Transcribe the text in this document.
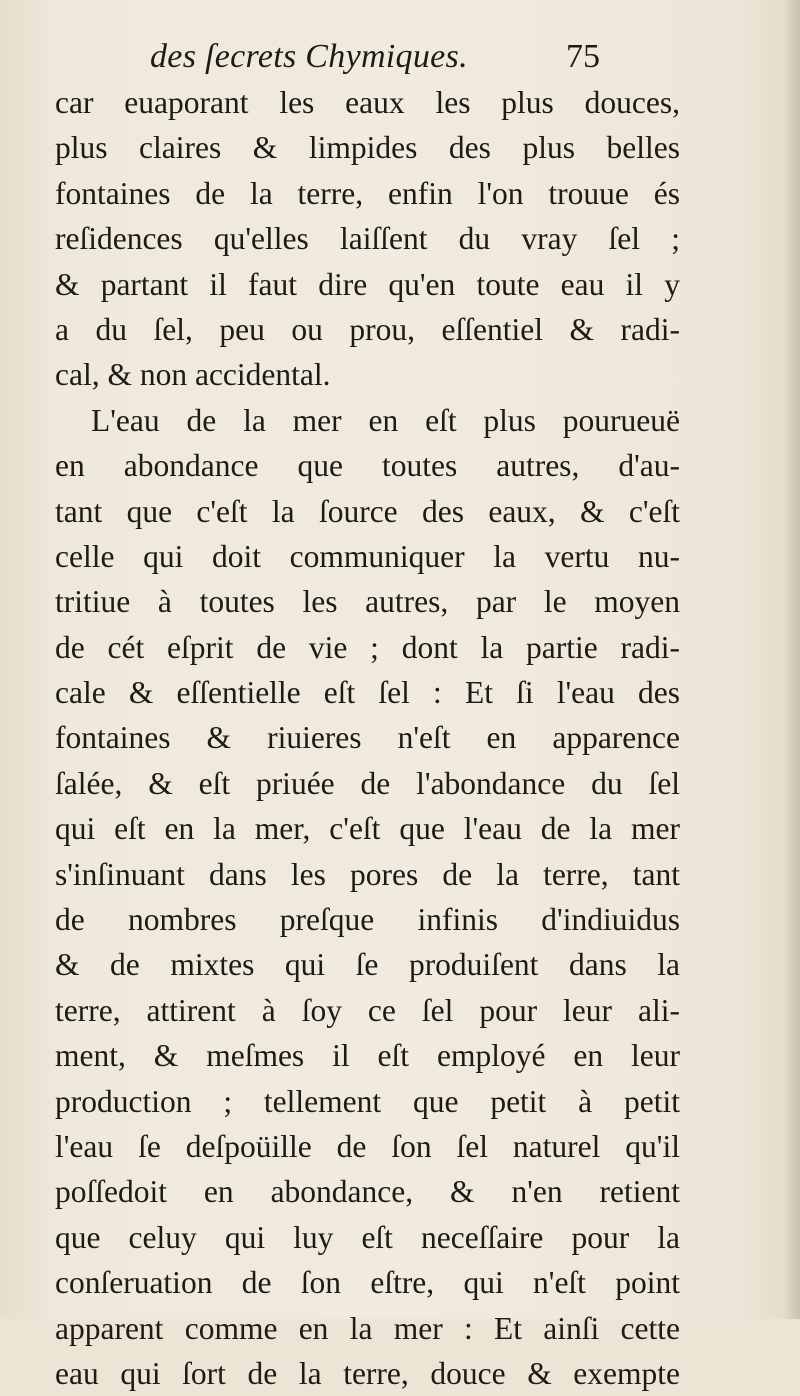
des ſecrets Chymiques.	75
car euaporant les eaux les plus douces,
plus claires & limpides des plus belles
fontaines de la terre, enfin l'on trouue és
reſidences qu'elles laiſſent du vray ſel ;
& partant il faut dire qu'en toute eau il y
a du ſel, peu ou prou, eſſentiel & radi-
cal, & non accidental.
L'eau de la mer en eſt plus pourueuë
en abondance que toutes autres, d'au-
tant que c'eſt la ſource des eaux, & c'eſt
celle qui doit communiquer la vertu nu-
tritiue à toutes les autres, par le moyen
de cét eſprit de vie ; dont la partie radi-
cale & eſſentielle eſt ſel : Et ſi l'eau des
fontaines & riuieres n'eſt en apparence
ſalée, & eſt priuée de l'abondance du ſel
qui eſt en la mer, c'eſt que l'eau de la mer
s'inſinuant dans les pores de la terre, tant
de nombres preſque infinis d'indiuidus
& de mixtes qui ſe produiſent dans la
terre, attirent à ſoy ce ſel pour leur ali-
ment, & meſmes il eſt employé en leur
production ; tellement que petit à petit
l'eau ſe deſpoüille de ſon ſel naturel qu'il
poſſedoit en abondance, & n'en retient
que celuy qui luy eſt neceſſaire pour la
conſeruation de ſon eſtre, qui n'eſt point
apparent comme en la mer : Et ainſi cette
eau qui ſort de la terre, douce & exempte
